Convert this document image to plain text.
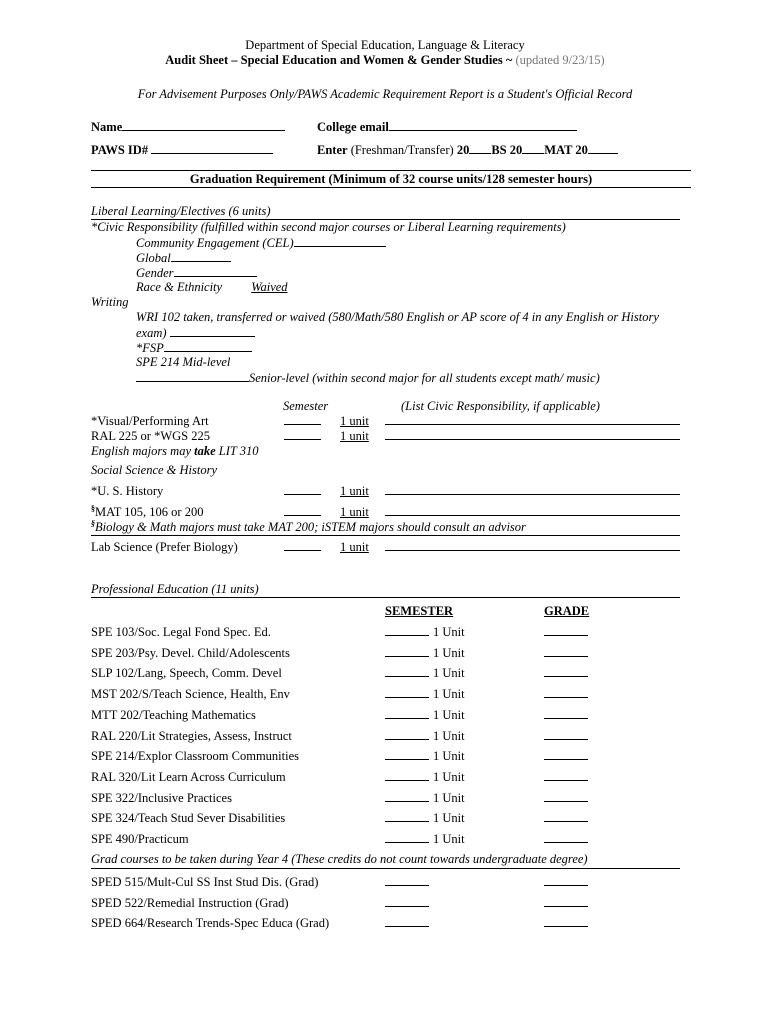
Department of Special Education, Language & Literacy
Audit Sheet – Special Education and Women & Gender Studies ~ (updated 9/23/15)
For Advisement Purposes Only/PAWS Academic Requirement Report is a Student's Official Record
Name	College email
PAWS ID#	Enter (Freshman/Transfer) 20 BS 20 MAT 20
Graduation Requirement (Minimum of 32 course units/128 semester hours)
Liberal Learning/Electives (6 units)
*Civic Responsibility (fulfilled within second major courses or Liberal Learning requirements)
Community Engagement (CEL)
Global
Gender
Race & Ethnicity Waived
Writing
WRI 102 taken, transferred or waived (580/Math/580 English or AP score of 4 in any English or History
exam)
*FSP
SPE 214 Mid-level
Senior-level (within second major for all students except math/ music)
Semester	(List Civic Responsibility, if applicable)
*Visual/Performing Art	1 unit
RAL 225 or *WGS 225	1 unit
English majors may take LIT 310
Social Science & History
*U. S. History	1 unit
§MAT 105, 106 or 200	1 unit
§Biology & Math majors must take MAT 200; iSTEM majors should consult an advisor
Lab Science (Prefer Biology)	1 unit
Professional Education (11 units)
SEMESTER	GRADE
SPE 103/Soc. Legal Fond Spec. Ed.	1 Unit
SPE 203/Psy. Devel. Child/Adolescents	1 Unit
SLP 102/Lang, Speech, Comm. Devel	1 Unit
MST 202/S/Teach Science, Health, Env	1 Unit
MTT 202/Teaching Mathematics	1 Unit
RAL 220/Lit Strategies, Assess, Instruct	1 Unit
SPE 214/Explor Classroom Communities	1 Unit
RAL 320/Lit Learn Across Curriculum	1 Unit
SPE 322/Inclusive Practices	1 Unit
SPE 324/Teach Stud Sever Disabilities	1 Unit
SPE 490/Practicum	1 Unit
Grad courses to be taken during Year 4 (These credits do not count towards undergraduate degree)
SPED 515/Mult-Cul SS Inst Stud Dis. (Grad)
SPED 522/Remedial Instruction (Grad)
SPED 664/Research Trends-Spec Educa (Grad)
